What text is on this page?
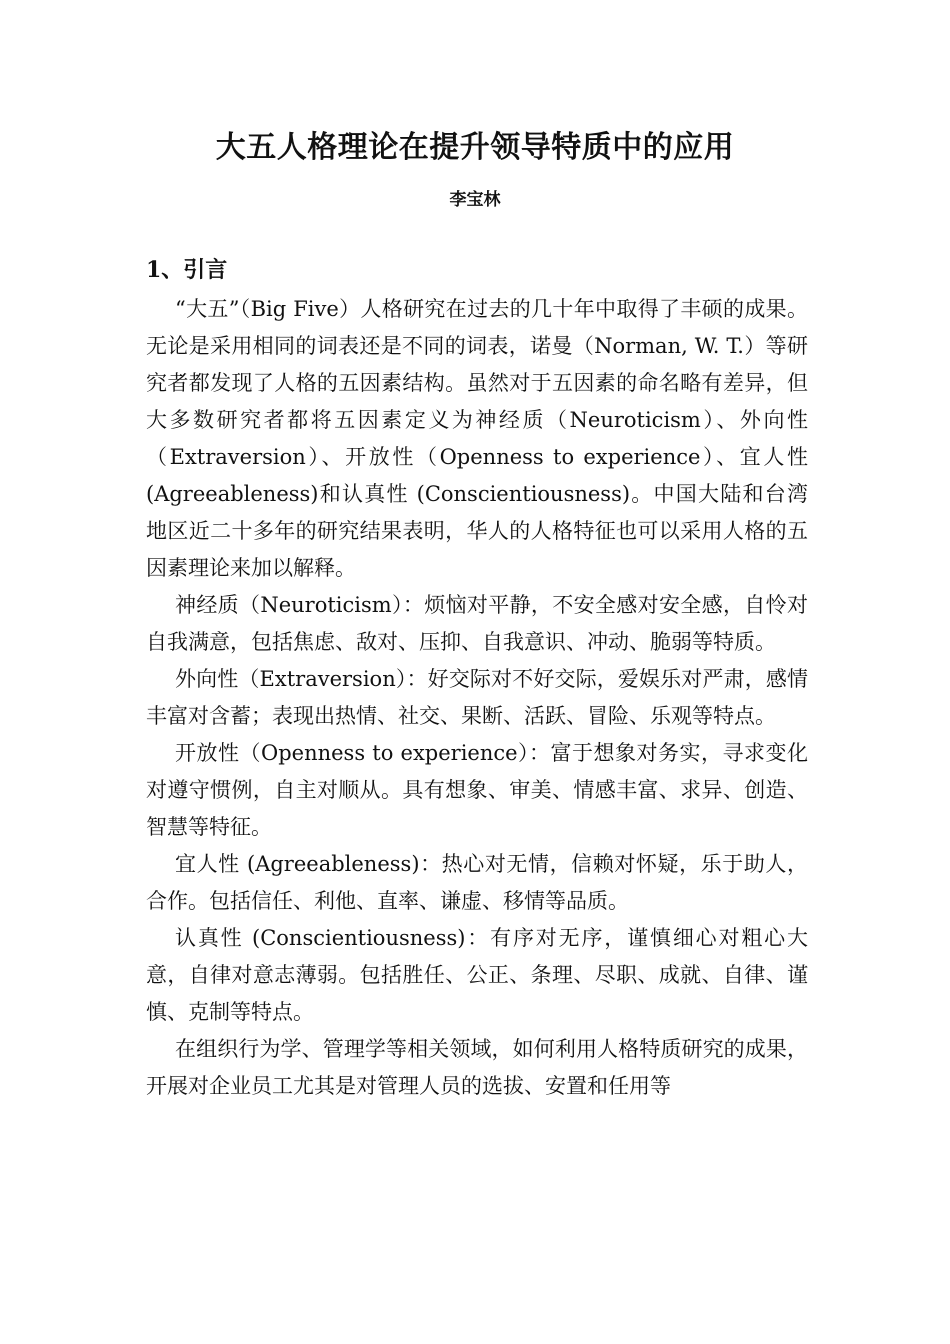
大五人格理论在提升领导特质中的应用
李宝林
1、引言

“大五”（Big Five）人格研究在过去的几十年中取得了丰硕的成果。无论是采用相同的词表还是不同的词表，诺曼（Norman, W. T.）等研究者都发现了人格的五因素结构。虽然对于五因素的命名略有差异，但大多数研究者都将五因素定义为神经质（Neuroticism）、外向性（Extraversion）、开放性（Openness to experience）、宜人性 (Agreeableness)和认真性 (Conscientiousness)。中国大陆和台湾地区近二十多年的研究结果表明，华人的人格特征也可以采用人格的五因素理论来加以解释。

神经质（Neuroticism）：烦恼对平静，不安全感对安全感，自怜对自我满意，包括焦虑、敌对、压抑、自我意识、冲动、脆弱等特质。

外向性（Extraversion）：好交际对不好交际，爱娱乐对严肃，感情丰富对含蓄；表现出热情、社交、果断、活跃、冒险、乐观等特点。

开放性（Openness to experience）：富于想象对务实，寻求变化对遵守惯例，自主对顺从。具有想象、审美、情感丰富、求异、创造、智慧等特征。

宜人性 (Agreeableness)：热心对无情，信赖对怀疑，乐于助人，合作。包括信任、利他、直率、谦虚、移情等品质。

认真性 (Conscientiousness)：有序对无序，谨慎细心对粗心大意，自律对意志薄弱。包括胜任、公正、条理、尽职、成就、自律、谨慎、克制等特点。

在组织行为学、管理学等相关领域，如何利用人格特质研究的成果，开展对企业员工尤其是对管理人员的选拔、安置和任用等
